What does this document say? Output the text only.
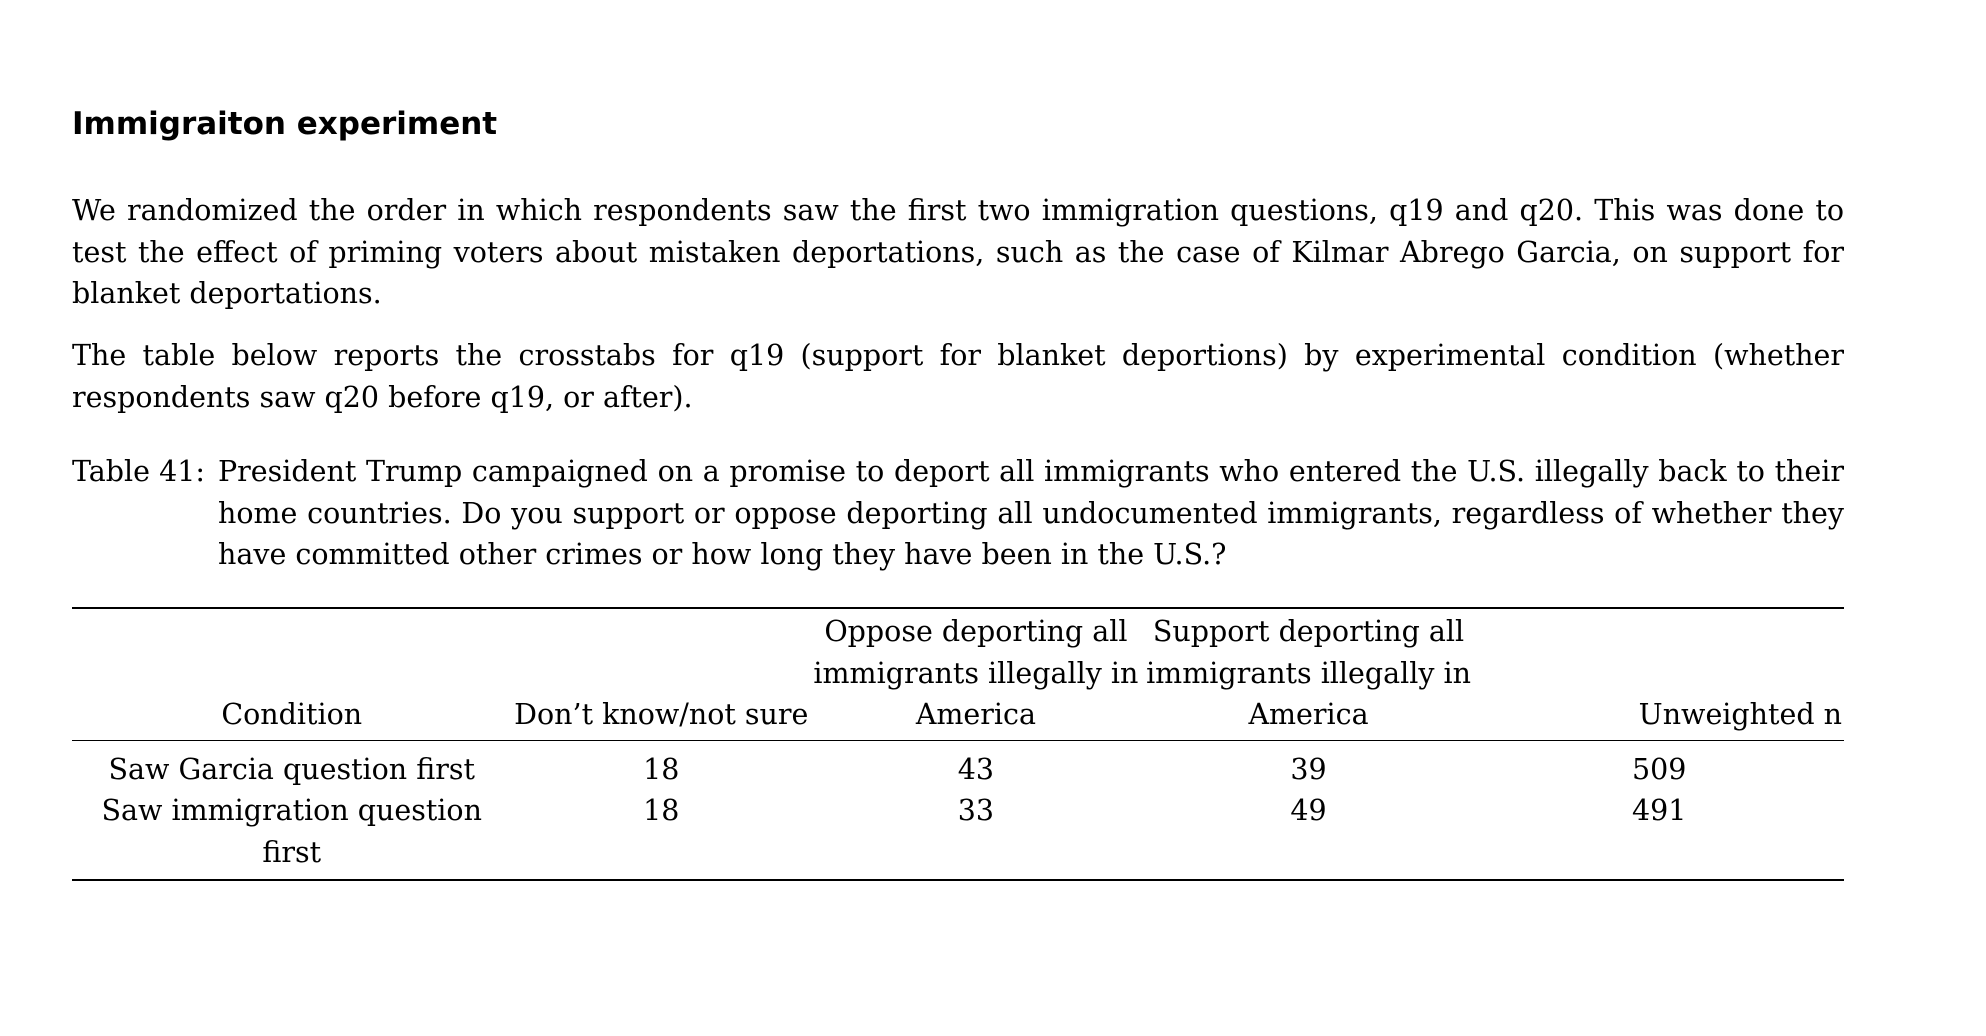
Immigraiton experiment

We randomized the order in which respondents saw the first two immigration questions, q19 and q20. This was done to test the effect of priming voters about mistaken deportations, such as the case of Kilmar Abrego Garcia, on support for blanket deportations.

The table below reports the crosstabs for q19 (support for blanket deportions) by experimental condition (whether respondents saw q20 before q19, or after).

Table 41: President Trump campaigned on a promise to deport all immigrants who entered the U.S. illegally back to their home countries. Do you support or oppose deporting all undocumented immigrants, regardless of whether they have committed other crimes or how long they have been in the U.S.?
Condition	Don’t know/not sure	Oppose deporting all immigrants illegally in America	Support deporting all immigrants illegally in America	Unweighted n
Saw Garcia question first	18	43	39	509
Saw immigration question first	18	33	49	491
